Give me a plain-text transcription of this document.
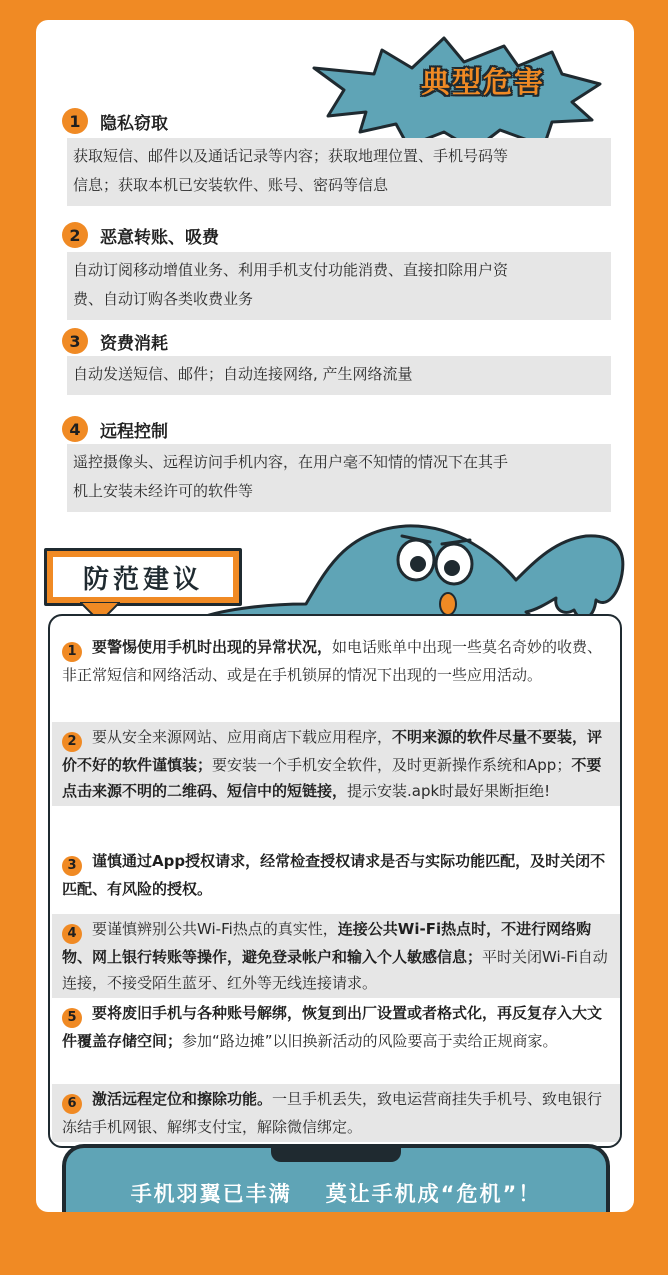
典型危害
1	隐私窃取
获取短信、邮件以及通话记录等内容；获取地理位置、手机号码等
信息；获取本机已安装软件、账号、密码等信息
2	恶意转账、吸费
自动订阅移动增值业务、利用手机支付功能消费、直接扣除用户资
费、自动订购各类收费业务
3	资费消耗
自动发送短信、邮件；自动连接网络, 产生网络流量
4	远程控制
遥控摄像头、远程访问手机内容，在用户毫不知情的情况下在其手
机上安装未经许可的软件等
防范建议
1 要警惕使用手机时出现的异常状况，如电话账单中出现一些莫名奇妙的收费、非正常短信和网络活动、或是在手机锁屏的情况下出现的一些应用活动。
2 要从安全来源网站、应用商店下载应用程序，不明来源的软件尽量不要装，评价不好的软件谨慎装；要安装一个手机安全软件，及时更新操作系统和App；不要点击来源不明的二维码、短信中的短链接，提示安装.apk时最好果断拒绝!
3 谨慎通过App授权请求，经常检查授权请求是否与实际功能匹配，及时关闭不匹配、有风险的授权。
4 要谨慎辨别公共Wi-Fi热点的真实性，连接公共Wi-Fi热点时，不进行网络购物、网上银行转账等操作，避免登录帐户和输入个人敏感信息；平时关闭Wi-Fi自动连接，不接受陌生蓝牙、红外等无线连接请求。
5 要将废旧手机与各种账号解绑，恢复到出厂设置或者格式化，再反复存入大文件覆盖存储空间；参加“路边摊”以旧换新活动的风险要高于卖给正规商家。
6 激活远程定位和擦除功能。一旦手机丢失，致电运营商挂失手机号、致电银行冻结手机网银、解绑支付宝，解除微信绑定。
手机羽翼已丰满 莫让手机成“危机”！
